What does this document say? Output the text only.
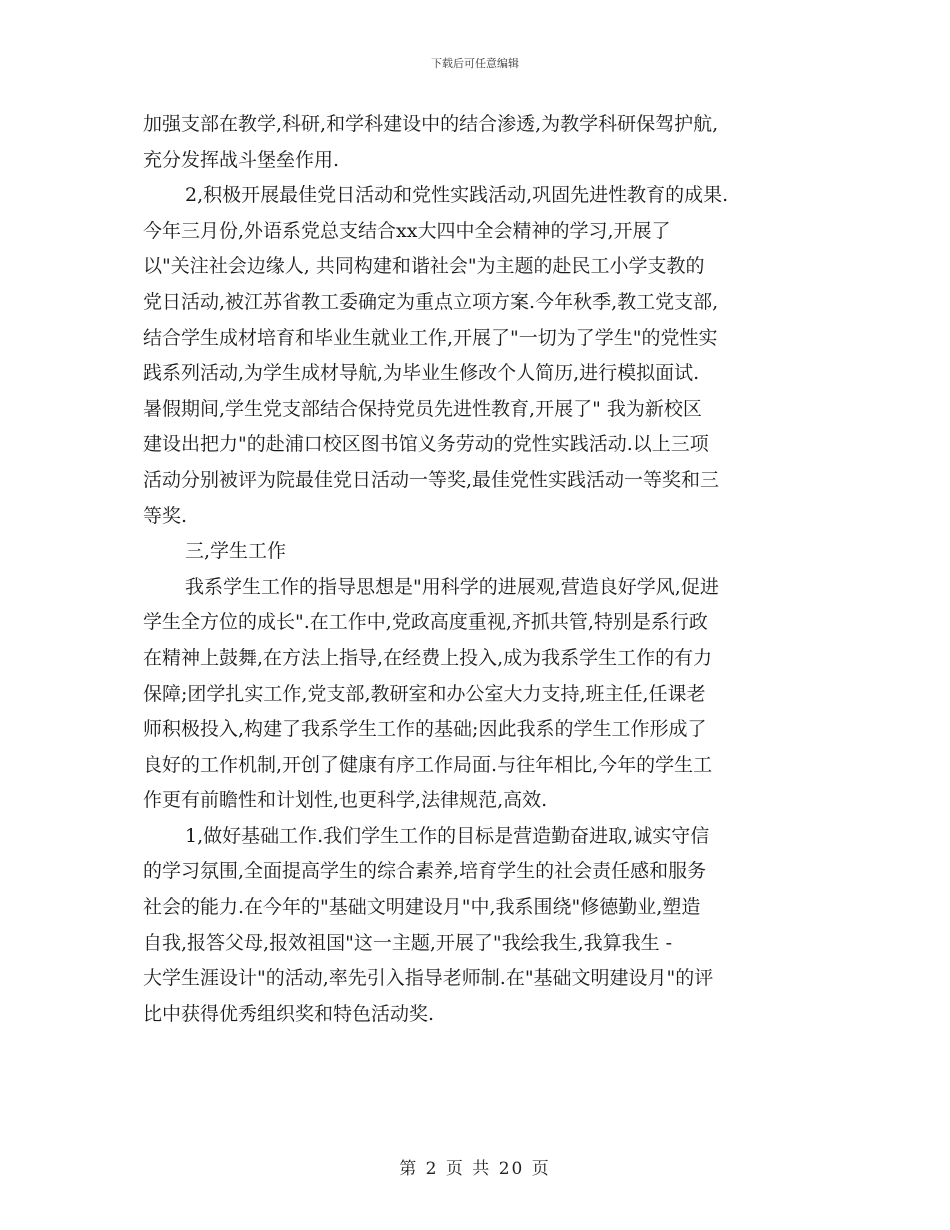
下载后可任意编辑
加强支部在教学,科研,和学科建设中的结合渗透,为教学科研保驾护航,
充分发挥战斗堡垒作用.
2,积极开展最佳党日活动和党性实践活动,巩固先进性教育的成果.
今年三月份,外语系党总支结合xx大四中全会精神的学习,开展了
以"关注社会边缘人, 共同构建和谐社会"为主题的赴民工小学支教的
党日活动,被江苏省教工委确定为重点立项方案.今年秋季,教工党支部,
结合学生成材培育和毕业生就业工作,开展了"一切为了学生"的党性实
践系列活动,为学生成材导航,为毕业生修改个人简历,进行模拟面试.
暑假期间,学生党支部结合保持党员先进性教育,开展了" 我为新校区
建设出把力"的赴浦口校区图书馆义务劳动的党性实践活动.以上三项
活动分别被评为院最佳党日活动一等奖,最佳党性实践活动一等奖和三
等奖.
三,学生工作
我系学生工作的指导思想是"用科学的进展观,营造良好学风,促进
学生全方位的成长".在工作中,党政高度重视,齐抓共管,特别是系行政
在精神上鼓舞,在方法上指导,在经费上投入,成为我系学生工作的有力
保障;团学扎实工作,党支部,教研室和办公室大力支持,班主任,任课老
师积极投入,构建了我系学生工作的基础;因此我系的学生工作形成了
良好的工作机制,开创了健康有序工作局面.与往年相比,今年的学生工
作更有前瞻性和计划性,也更科学,法律规范,高效.
1,做好基础工作.我们学生工作的目标是营造勤奋进取,诚实守信
的学习氛围,全面提高学生的综合素养,培育学生的社会责任感和服务
社会的能力.在今年的"基础文明建设月"中,我系围绕"修德勤业,塑造
自我,报答父母,报效祖国"这一主题,开展了"我绘我生,我算我生 -
大学生涯设计"的活动,率先引入指导老师制.在"基础文明建设月"的评
比中获得优秀组织奖和特色活动奖.
第 2 页 共 20 页
